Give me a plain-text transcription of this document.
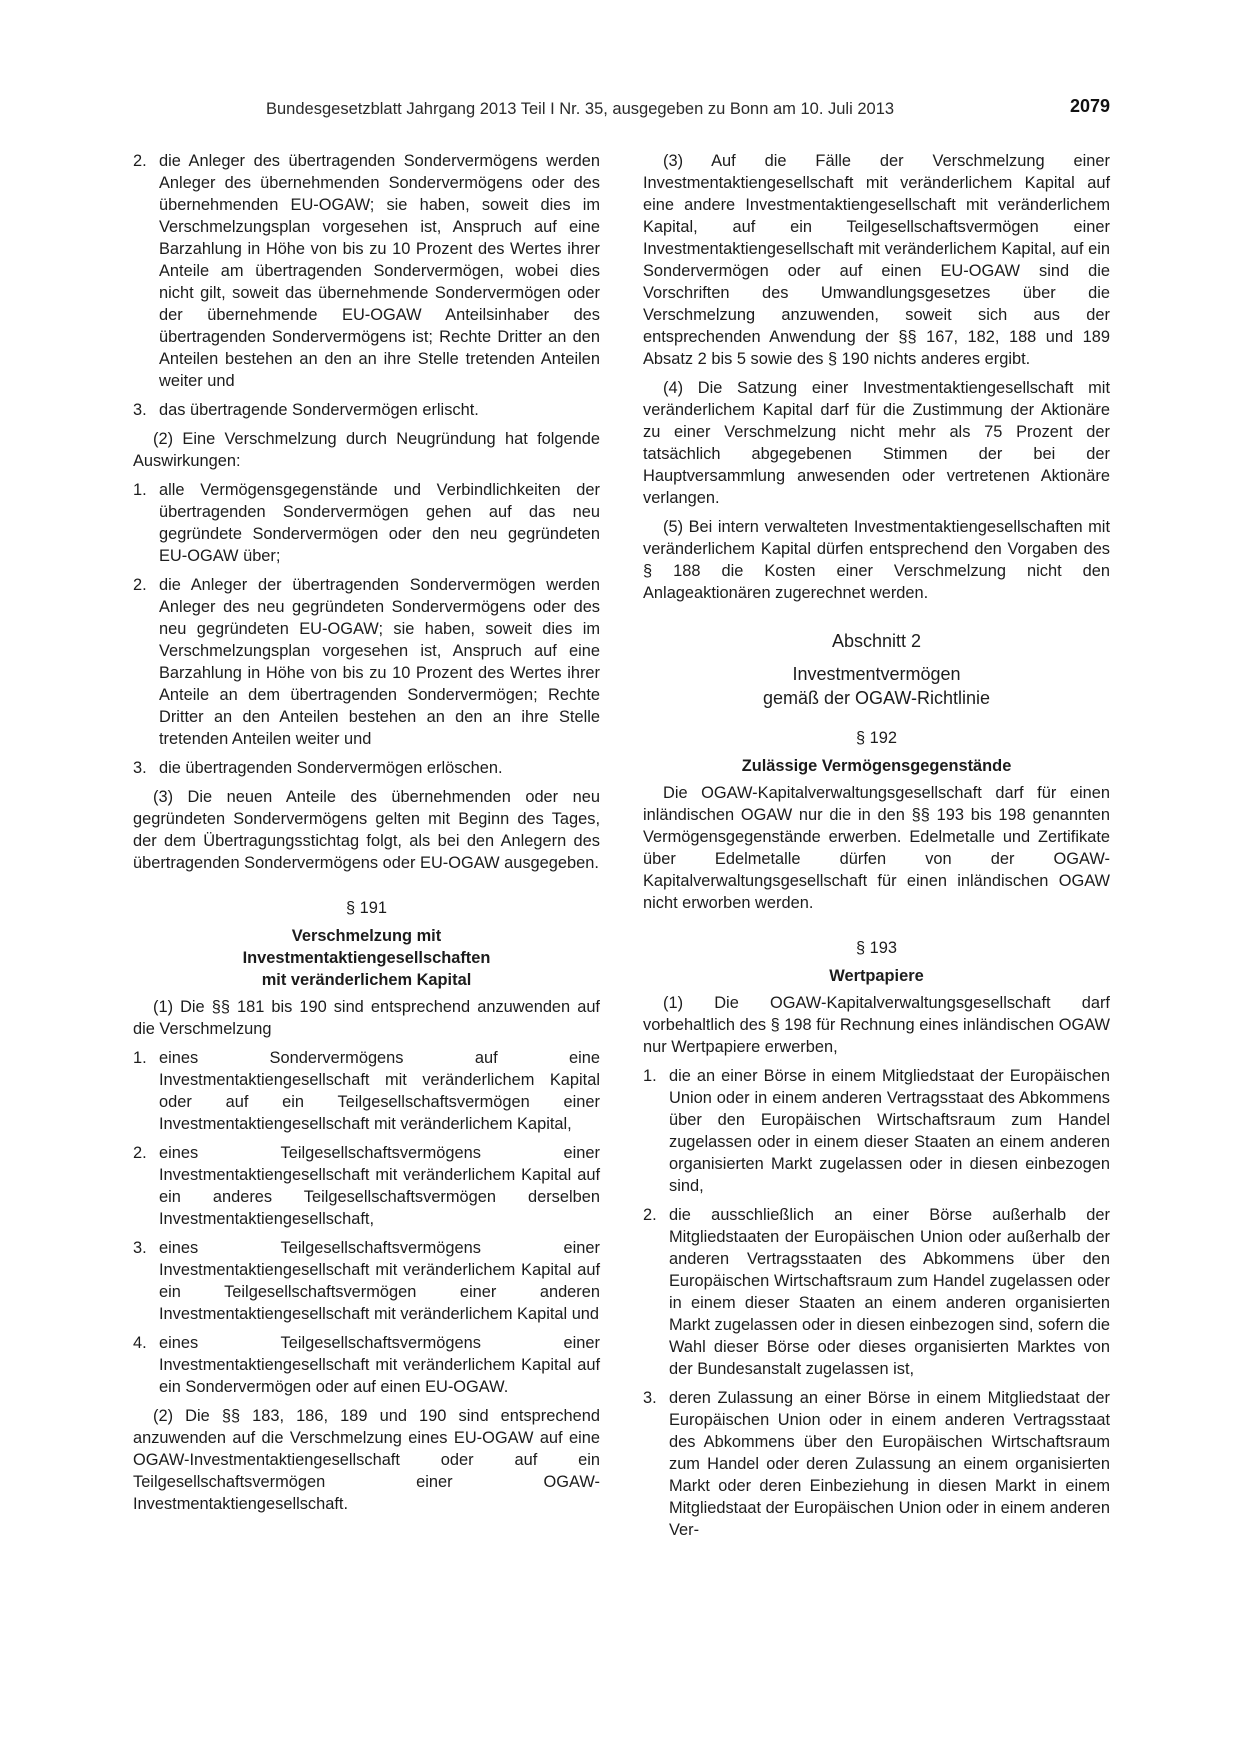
Bundesgesetzblatt Jahrgang 2013 Teil I Nr. 35, ausgegeben zu Bonn am 10. Juli 2013	2079
2. die Anleger des übertragenden Sondervermögens werden Anleger des übernehmenden Sondervermögens oder des übernehmenden EU-OGAW; sie haben, soweit dies im Verschmelzungsplan vorgesehen ist, Anspruch auf eine Barzahlung in Höhe von bis zu 10 Prozent des Wertes ihrer Anteile am übertragenden Sondervermögen, wobei dies nicht gilt, soweit das übernehmende Sondervermögen oder der übernehmende EU-OGAW Anteilsinhaber des übertragenden Sondervermögens ist; Rechte Dritter an den Anteilen bestehen an den an ihre Stelle tretenden Anteilen weiter und

3. das übertragende Sondervermögen erlischt.

(2) Eine Verschmelzung durch Neugründung hat folgende Auswirkungen:

1. alle Vermögensgegenstände und Verbindlichkeiten der übertragenden Sondervermögen gehen auf das neu gegründete Sondervermögen oder den neu gegründeten EU-OGAW über;

2. die Anleger der übertragenden Sondervermögen werden Anleger des neu gegründeten Sondervermögens oder des neu gegründeten EU-OGAW; sie haben, soweit dies im Verschmelzungsplan vorgesehen ist, Anspruch auf eine Barzahlung in Höhe von bis zu 10 Prozent des Wertes ihrer Anteile an dem übertragenden Sondervermögen; Rechte Dritter an den Anteilen bestehen an den an ihre Stelle tretenden Anteilen weiter und

3. die übertragenden Sondervermögen erlöschen.

(3) Die neuen Anteile des übernehmenden oder neu gegründeten Sondervermögens gelten mit Beginn des Tages, der dem Übertragungsstichtag folgt, als bei den Anlegern des übertragenden Sondervermögens oder EU-OGAW ausgegeben.

§ 191
Verschmelzung mit
Investmentaktiengesellschaften
mit veränderlichem Kapital

(1) Die §§ 181 bis 190 sind entsprechend anzuwenden auf die Verschmelzung

1. eines Sondervermögens auf eine Investmentaktiengesellschaft mit veränderlichem Kapital oder auf ein Teilgesellschaftsvermögen einer Investmentaktiengesellschaft mit veränderlichem Kapital,

2. eines Teilgesellschaftsvermögens einer Investmentaktiengesellschaft mit veränderlichem Kapital auf ein anderes Teilgesellschaftsvermögen derselben Investmentaktiengesellschaft,

3. eines Teilgesellschaftsvermögens einer Investmentaktiengesellschaft mit veränderlichem Kapital auf ein Teilgesellschaftsvermögen einer anderen Investmentaktiengesellschaft mit veränderlichem Kapital und

4. eines Teilgesellschaftsvermögens einer Investmentaktiengesellschaft mit veränderlichem Kapital auf ein Sondervermögen oder auf einen EU-OGAW.

(2) Die §§ 183, 186, 189 und 190 sind entsprechend anzuwenden auf die Verschmelzung eines EU-OGAW auf eine OGAW-Investmentaktiengesellschaft oder auf ein Teilgesellschaftsvermögen einer OGAW-Investmentaktiengesellschaft.

(3) Auf die Fälle der Verschmelzung einer Investmentaktiengesellschaft mit veränderlichem Kapital auf eine andere Investmentaktiengesellschaft mit veränderlichem Kapital, auf ein Teilgesellschaftsvermögen einer Investmentaktiengesellschaft mit veränderlichem Kapital, auf ein Sondervermögen oder auf einen EU-OGAW sind die Vorschriften des Umwandlungsgesetzes über die Verschmelzung anzuwenden, soweit sich aus der entsprechenden Anwendung der §§ 167, 182, 188 und 189 Absatz 2 bis 5 sowie des § 190 nichts anderes ergibt.

(4) Die Satzung einer Investmentaktiengesellschaft mit veränderlichem Kapital darf für die Zustimmung der Aktionäre zu einer Verschmelzung nicht mehr als 75 Prozent der tatsächlich abgegebenen Stimmen der bei der Hauptversammlung anwesenden oder vertretenen Aktionäre verlangen.

(5) Bei intern verwalteten Investmentaktiengesellschaften mit veränderlichem Kapital dürfen entsprechend den Vorgaben des § 188 die Kosten einer Verschmelzung nicht den Anlageaktionären zugerechnet werden.

Abschnitt 2
Investmentvermögen
gemäß der OGAW-Richtlinie
§ 192
Zulässige Vermögensgegenstände

Die OGAW-Kapitalverwaltungsgesellschaft darf für einen inländischen OGAW nur die in den §§ 193 bis 198 genannten Vermögensgegenstände erwerben. Edelmetalle und Zertifikate über Edelmetalle dürfen von der OGAW-Kapitalverwaltungsgesellschaft für einen inländischen OGAW nicht erworben werden.

§ 193
Wertpapiere

(1) Die OGAW-Kapitalverwaltungsgesellschaft darf vorbehaltlich des § 198 für Rechnung eines inländischen OGAW nur Wertpapiere erwerben,

1. die an einer Börse in einem Mitgliedstaat der Europäischen Union oder in einem anderen Vertragsstaat des Abkommens über den Europäischen Wirtschaftsraum zum Handel zugelassen oder in einem dieser Staaten an einem anderen organisierten Markt zugelassen oder in diesen einbezogen sind,

2. die ausschließlich an einer Börse außerhalb der Mitgliedstaaten der Europäischen Union oder außerhalb der anderen Vertragsstaaten des Abkommens über den Europäischen Wirtschaftsraum zum Handel zugelassen oder in einem dieser Staaten an einem anderen organisierten Markt zugelassen oder in diesen einbezogen sind, sofern die Wahl dieser Börse oder dieses organisierten Marktes von der Bundesanstalt zugelassen ist,

3. deren Zulassung an einer Börse in einem Mitgliedstaat der Europäischen Union oder in einem anderen Vertragsstaat des Abkommens über den Europäischen Wirtschaftsraum zum Handel oder deren Zulassung an einem organisierten Markt oder deren Einbeziehung in diesen Markt in einem Mitgliedstaat der Europäischen Union oder in einem anderen Ver-
